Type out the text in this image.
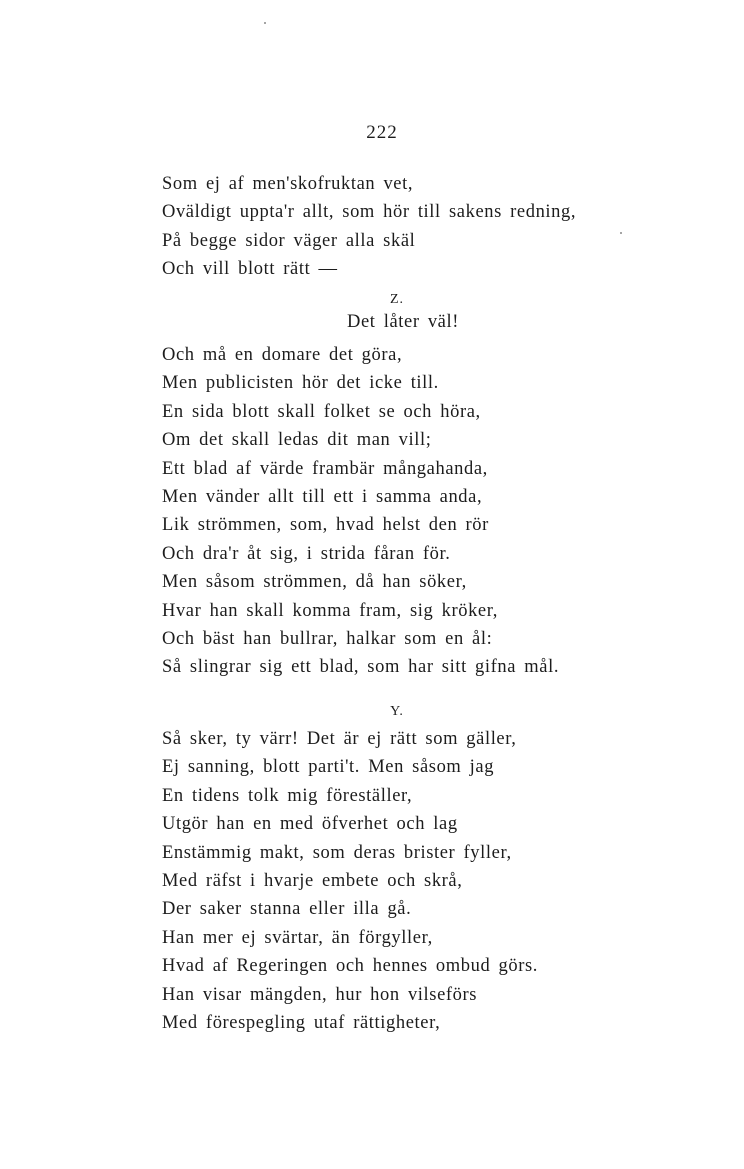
222
Som ej af men'skofruktan vet,
Oväldigt uppta'r allt, som hör till sakens redning,
På begge sidor väger alla skäl
Och vill blott rätt —
Z.
Det låter väl!
Och må en domare det göra,
Men publicisten hör det icke till.
En sida blott skall folket se och höra,
Om det skall ledas dit man vill;
Ett blad af värde frambär mångahanda,
Men vänder allt till ett i samma anda,
Lik strömmen, som, hvad helst den rör
Och dra'r åt sig, i strida fåran för.
Men såsom strömmen, då han söker,
Hvar han skall komma fram, sig kröker,
Och bäst han bullrar, halkar som en ål:
Så slingrar sig ett blad, som har sitt gifna mål.
Y.
Så sker, ty värr! Det är ej rätt som gäller,
Ej sanning, blott parti't. Men såsom jag
En tidens tolk mig föreställer,
Utgör han en med öfverhet och lag
Enstämmig makt, som deras brister fyller,
Med räfst i hvarje embete och skrå,
Der saker stanna eller illa gå.
Han mer ej svärtar, än förgyller,
Hvad af Regeringen och hennes ombud görs.
Han visar mängden, hur hon vilseförs
Med förespegling utaf rättigheter,
